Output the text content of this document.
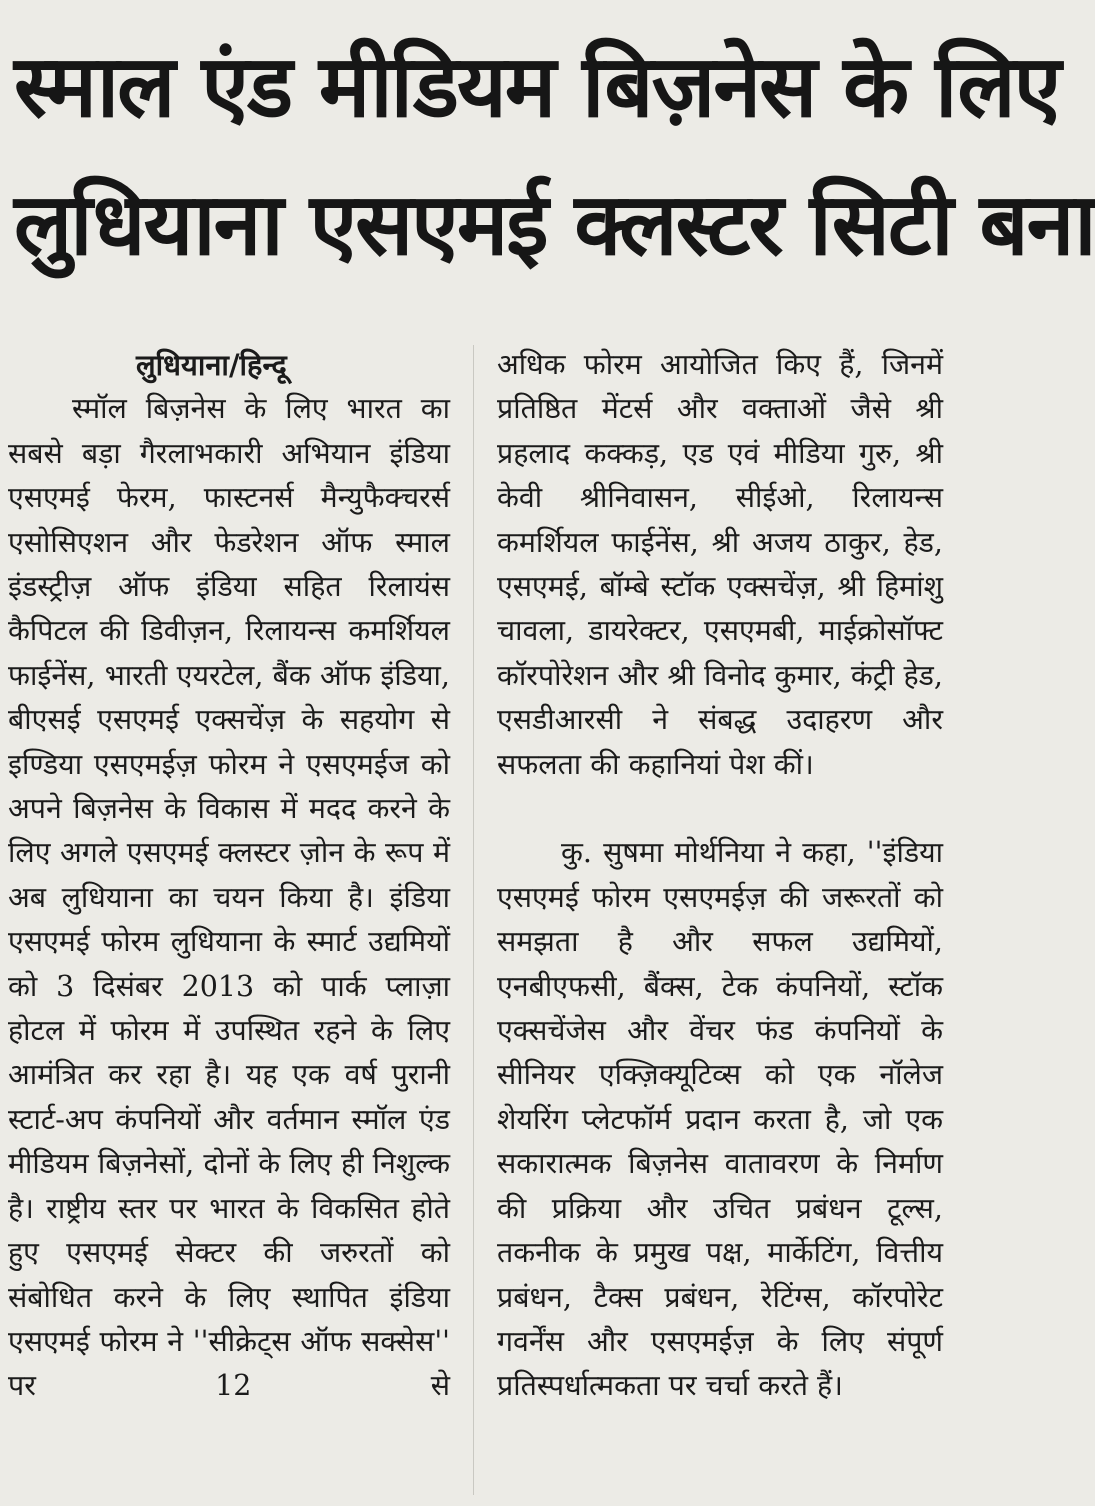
स्माल एंड मीडियम बिज़नेस के लिए
लुधियाना एसएमई क्लस्टर सिटी बना
लुधियाना/हिन्दू

स्मॉल बिज़नेस के लिए भारत का सबसे बड़ा गैरलाभकारी अभियान इंडिया एसएमई फेरम, फास्टनर्स मैन्युफैक्चरर्स एसोसिएशन और फेडरेशन ऑफ स्माल इंडस्ट्रीज़ ऑफ इंडिया सहित रिलायंस कैपिटल की डिवीज़न, रिलायन्स कमर्शियल फाईनेंस, भारती एयरटेल, बैंक ऑफ इंडिया, बीएसई एसएमई एक्सचेंज़ के सहयोग से इण्डिया एसएमईज़ फोरम ने एसएमईज को अपने बिज़नेस के विकास में मदद करने के लिए अगले एसएमई क्लस्टर ज़ोन के रूप में अब लुधियाना का चयन किया है। इंडिया एसएमई फोरम लुधियाना के स्मार्ट उद्यमियों को 3 दिसंबर 2013 को पार्क प्लाज़ा होटल में फोरम में उपस्थित रहने के लिए आमंत्रित कर रहा है। यह एक वर्ष पुरानी स्टार्ट-अप कंपनियों और वर्तमान स्मॉल एंड मीडियम बिज़नेसों, दोनों के लिए ही निशुल्क है। राष्ट्रीय स्तर पर भारत के विकसित होते हुए एसएमई सेक्टर की जरुरतों को संबोधित करने के लिए स्थापित इंडिया एसएमई फोरम ने ''सीक्रेट्स ऑफ सक्सेस'' पर 12 से

अधिक फोरम आयोजित किए हैं, जिनमें प्रतिष्ठित मेंटर्स और वक्ताओं जैसे श्री प्रहलाद कक्कड़, एड एवं मीडिया गुरु, श्री केवी श्रीनिवासन, सीईओ, रिलायन्स कमर्शियल फाईनेंस, श्री अजय ठाकुर, हेड, एसएमई, बॉम्बे स्टॉक एक्सचेंज़, श्री हिमांशु चावला, डायरेक्टर, एसएमबी, माईक्रोसॉफ्ट कॉरपोरेशन और श्री विनोद कुमार, कंट्री हेड, एसडीआरसी ने संबद्ध उदाहरण और सफलता की कहानियां पेश कीं।

कु. सुषमा मोर्थनिया ने कहा, ''इंडिया एसएमई फोरम एसएमईज़ की जरूरतों को समझता है और सफल उद्यमियों, एनबीएफसी, बैंक्स, टेक कंपनियों, स्टॉक एक्सचेंजेस और वेंचर फंड कंपनियों के सीनियर एक्ज़िक्यूटिव्स को एक नॉलेज शेयरिंग प्लेटफॉर्म प्रदान करता है, जो एक सकारात्मक बिज़नेस वातावरण के निर्माण की प्रक्रिया और उचित प्रबंधन टूल्स, तकनीक के प्रमुख पक्ष, मार्केटिंग, वित्तीय प्रबंधन, टैक्स प्रबंधन, रेटिंग्स, कॉरपोरेट गवर्नेंस और एसएमईज़ के लिए संपूर्ण प्रतिस्पर्धात्मकता पर चर्चा करते हैं।
